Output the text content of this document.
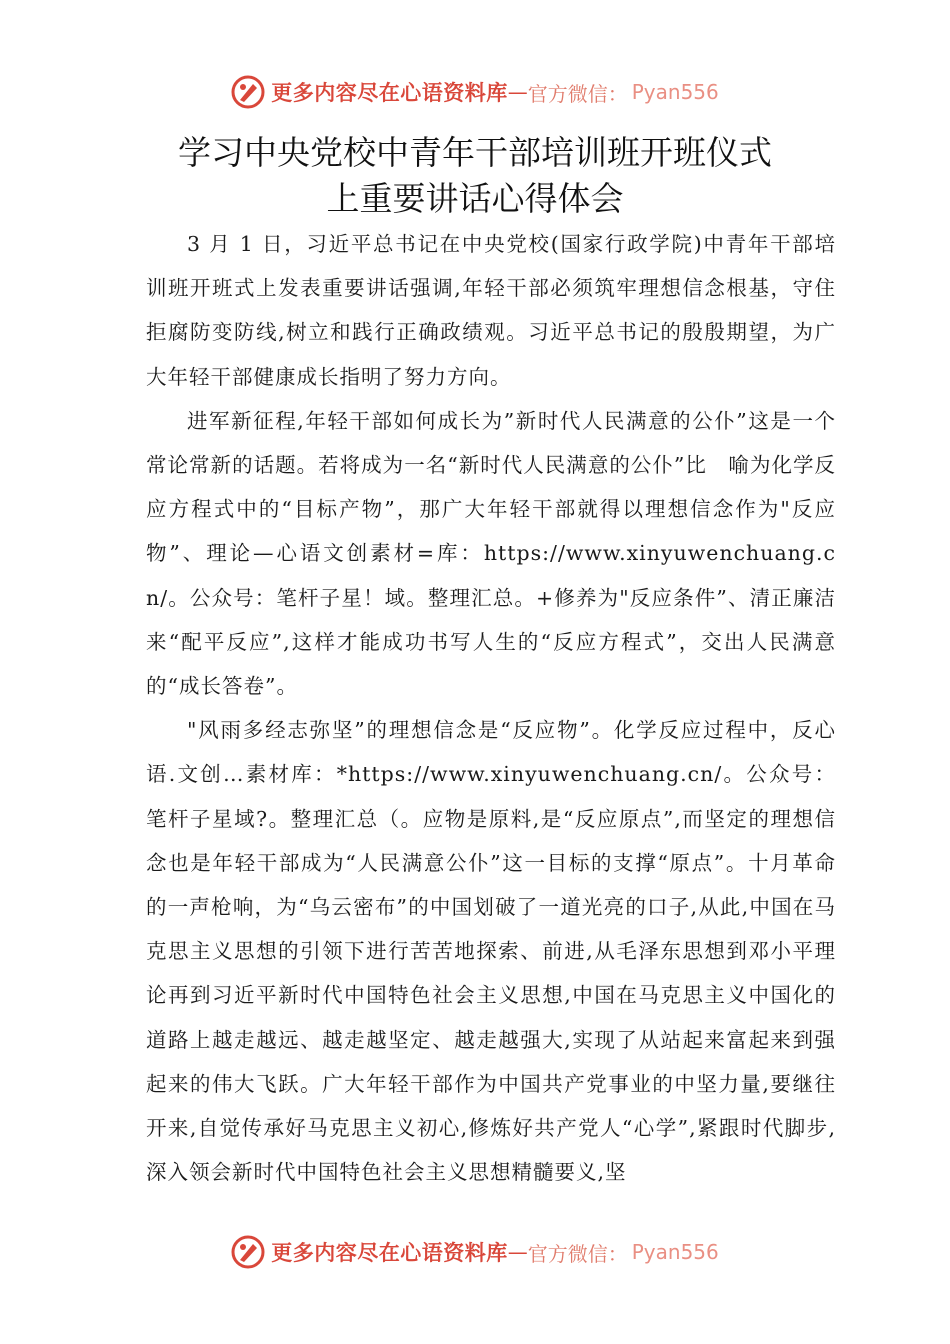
更多内容尽在心语资料库 — 官方微信： Pyan556
学习中央党校中青年干部培训班开班仪式
上重要讲话心得体会

3 月 1 日，习近平总书记在中央党校(国家行政学院)中青年干部培训班开班式上发表重要讲话强调,年轻干部必须筑牢理想信念根基，守住拒腐防变防线,树立和践行正确政绩观。习近平总书记的殷殷期望，为广大年轻干部健康成长指明了努力方向。

进军新征程,年轻干部如何成长为”新时代人民满意的公仆”这是一个常论常新的话题。若将成为一名“新时代人民满意的公仆”比　喻为化学反应方程式中的“目标产物”，那广大年轻干部就得以理想信念作为"反应物”、理论—心语文创素材=库：https://www.xinyuwenchuang.cn/。公众号：笔杆子星！域。整理汇总。+修养为"反应条件”、清正廉洁来“配平反应”,这样才能成功书写人生的“反应方程式”，交出人民满意的“成长答卷”。

"风雨多经志弥坚”的理想信念是“反应物”。化学反应过程中，反心语.文创…素材库：*https://www.xinyuwenchuang.cn/。公众号：笔杆子星域?。整理汇总（。应物是原料,是“反应原点”,而坚定的理想信念也是年轻干部成为“人民满意公仆”这一目标的支撑“原点”。十月革命的一声枪响，为“乌云密布”的中国划破了一道光亮的口子,从此,中国在马克思主义思想的引领下进行苦苦地探索、前进,从毛泽东思想到邓小平理论再到习近平新时代中国特色社会主义思想,中国在马克思主义中国化的道路上越走越远、越走越坚定、越走越强大,实现了从站起来富起来到强起来的伟大飞跃。广大年轻干部作为中国共产党事业的中坚力量,要继往开来,自觉传承好马克思主义初心,修炼好共产党人“心学”,紧跟时代脚步,深入领会新时代中国特色社会主义思想精髓要义,坚

更多内容尽在心语资料库 — 官方微信： Pyan556
